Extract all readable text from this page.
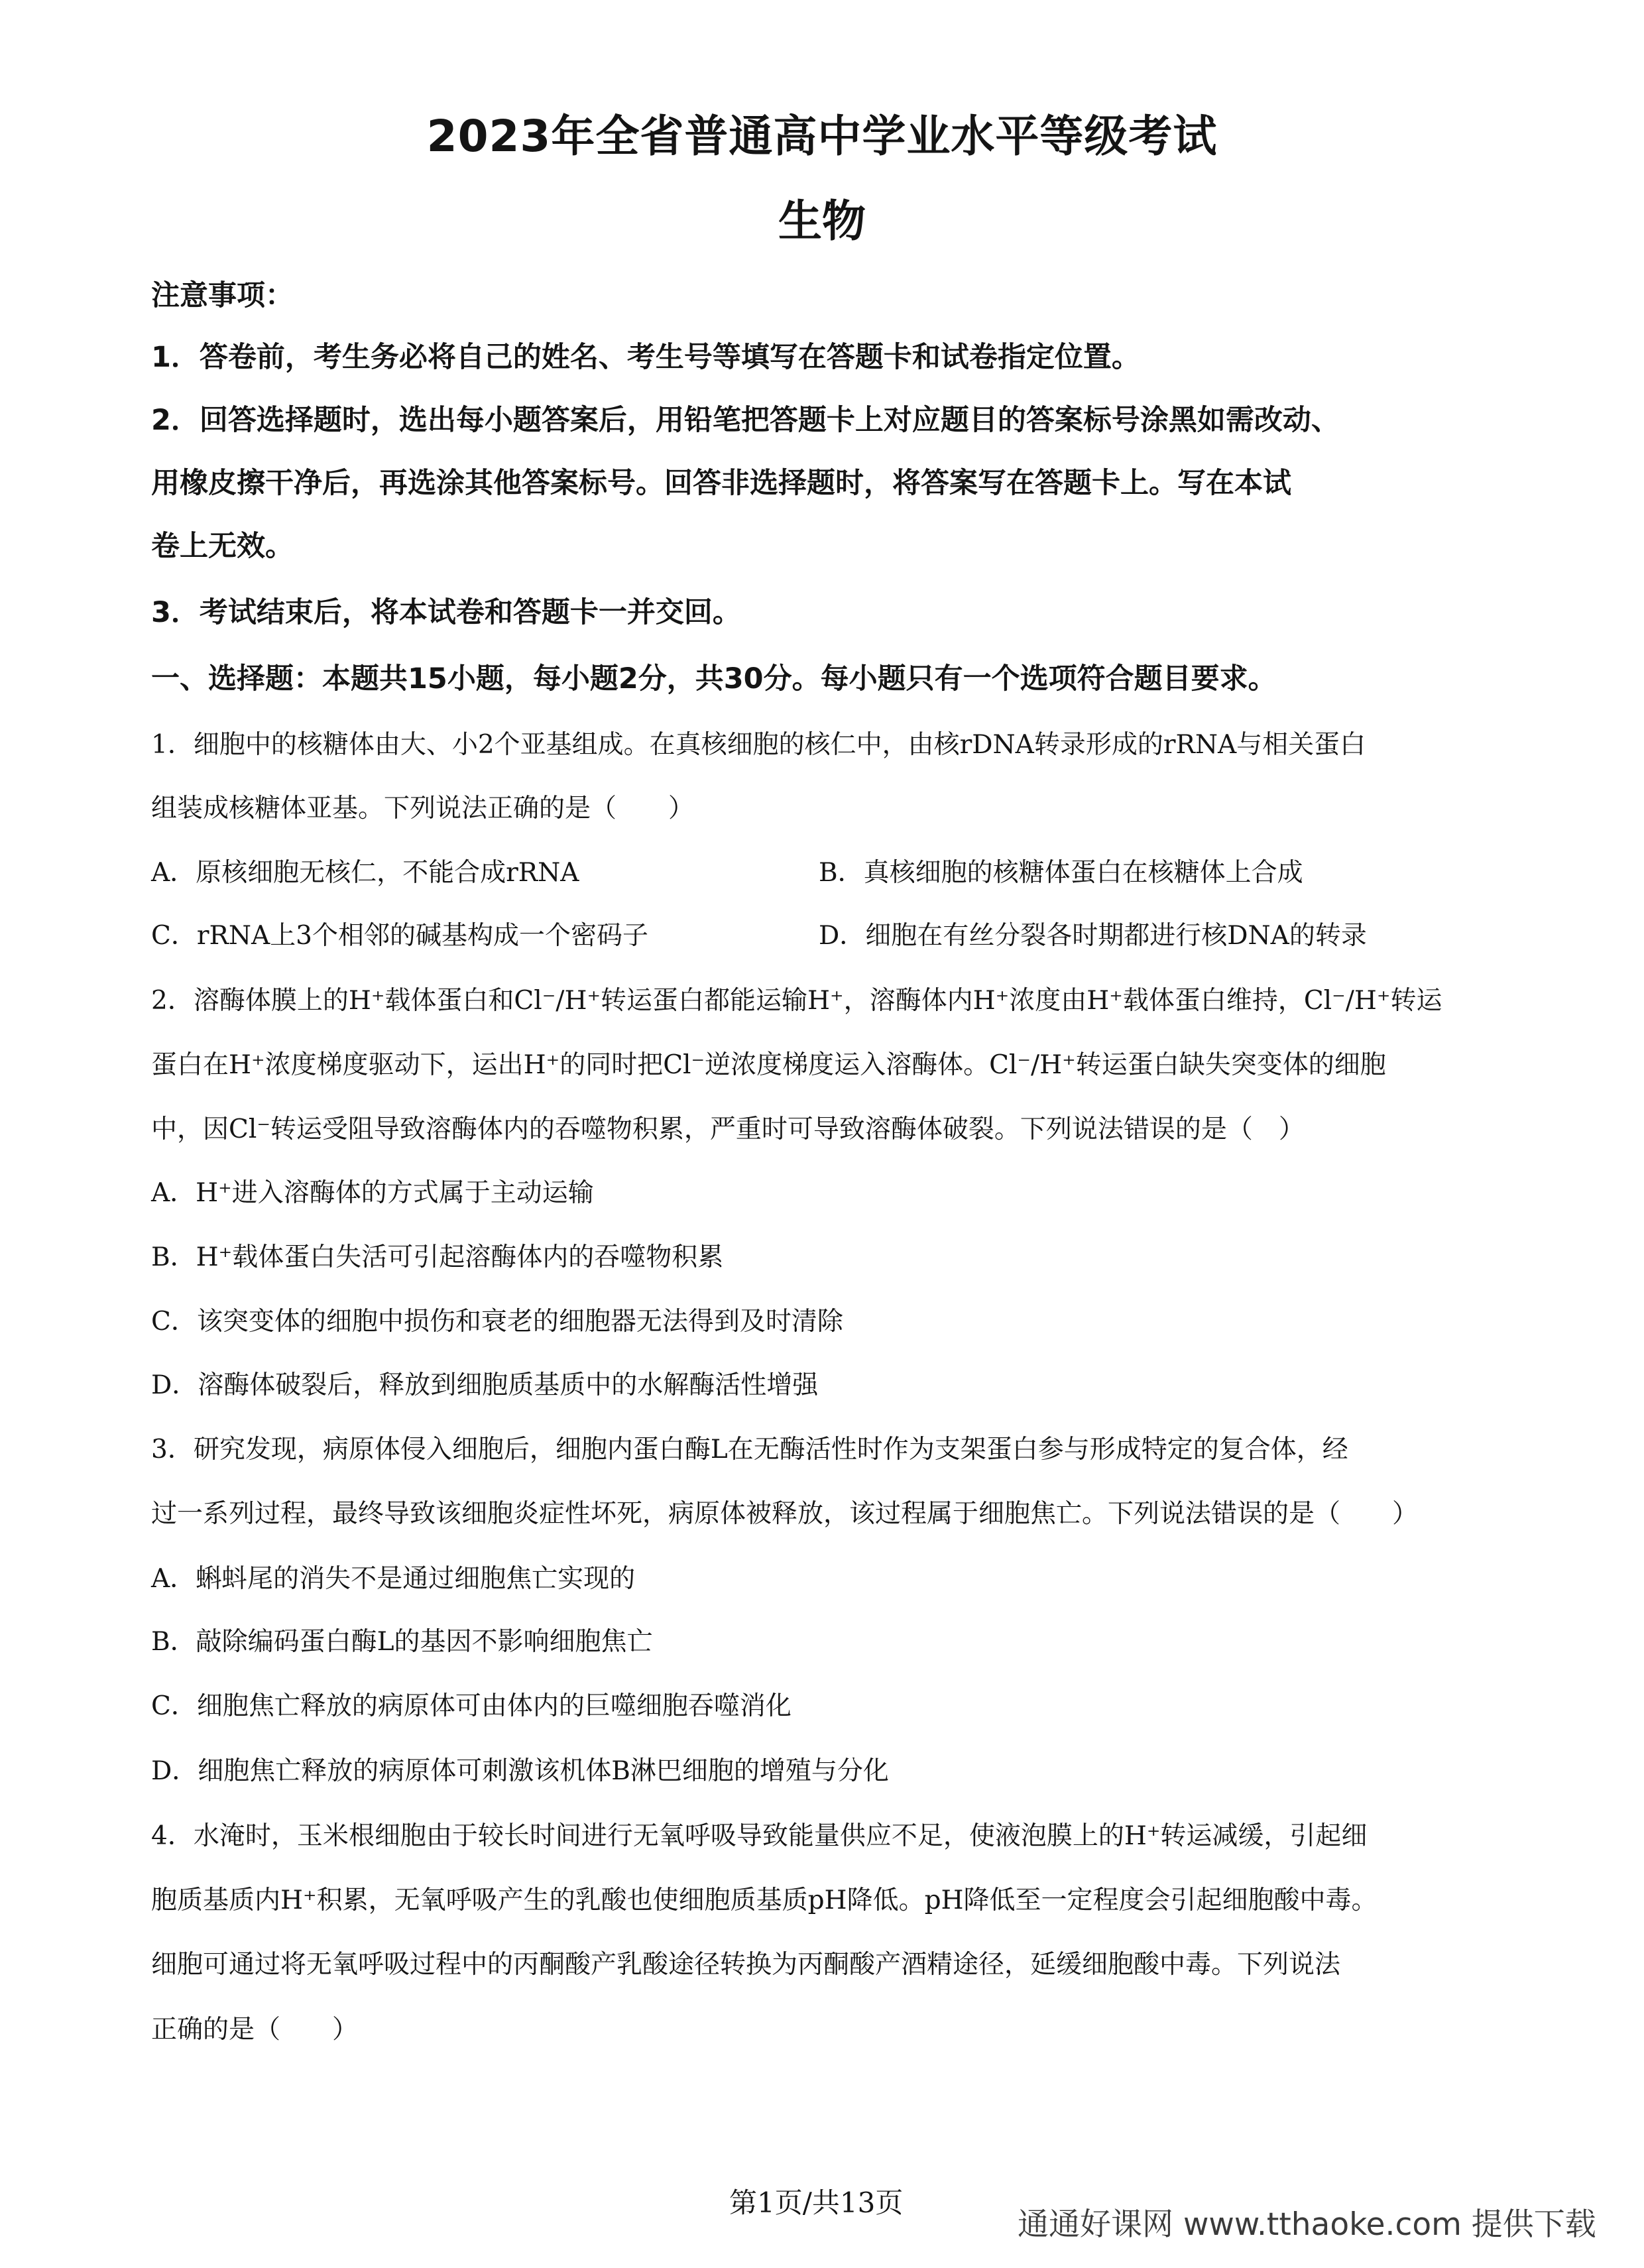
2023年全省普通高中学业水平等级考试
生物
注意事项：
1．答卷前，考生务必将自己的姓名、考生号等填写在答题卡和试卷指定位置。
2．回答选择题时，选出每小题答案后，用铅笔把答题卡上对应题目的答案标号涂黑如需改动、
用橡皮擦干净后，再选涂其他答案标号。回答非选择题时，将答案写在答题卡上。写在本试
卷上无效。
3．考试结束后，将本试卷和答题卡一并交回。
一、选择题：本题共15小题，每小题2分，共30分。每小题只有一个选项符合题目要求。
1．细胞中的核糖体由大、小2个亚基组成。在真核细胞的核仁中，由核rDNA转录形成的rRNA与相关蛋白
组装成核糖体亚基。下列说法正确的是（　　）
A．原核细胞无核仁，不能合成rRNA	B．真核细胞的核糖体蛋白在核糖体上合成
C．rRNA上3个相邻的碱基构成一个密码子	D．细胞在有丝分裂各时期都进行核DNA的转录
2．溶酶体膜上的H⁺载体蛋白和Cl⁻/H⁺转运蛋白都能运输H⁺，溶酶体内H⁺浓度由H⁺载体蛋白维持，Cl⁻/H⁺转运
蛋白在H⁺浓度梯度驱动下，运出H⁺的同时把Cl⁻逆浓度梯度运入溶酶体。Cl⁻/H⁺转运蛋白缺失突变体的细胞
中，因Cl⁻转运受阻导致溶酶体内的吞噬物积累，严重时可导致溶酶体破裂。下列说法错误的是（　）
A．H⁺进入溶酶体的方式属于主动运输
B．H⁺载体蛋白失活可引起溶酶体内的吞噬物积累
C．该突变体的细胞中损伤和衰老的细胞器无法得到及时清除
D．溶酶体破裂后，释放到细胞质基质中的水解酶活性增强
3．研究发现，病原体侵入细胞后，细胞内蛋白酶L在无酶活性时作为支架蛋白参与形成特定的复合体，经
过一系列过程，最终导致该细胞炎症性坏死，病原体被释放，该过程属于细胞焦亡。下列说法错误的是（　　）
A．蝌蚪尾的消失不是通过细胞焦亡实现的
B．敲除编码蛋白酶L的基因不影响细胞焦亡
C．细胞焦亡释放的病原体可由体内的巨噬细胞吞噬消化
D．细胞焦亡释放的病原体可刺激该机体B淋巴细胞的增殖与分化
4．水淹时，玉米根细胞由于较长时间进行无氧呼吸导致能量供应不足，使液泡膜上的H⁺转运减缓，引起细
胞质基质内H⁺积累，无氧呼吸产生的乳酸也使细胞质基质pH降低。pH降低至一定程度会引起细胞酸中毒。
细胞可通过将无氧呼吸过程中的丙酮酸产乳酸途径转换为丙酮酸产酒精途径，延缓细胞酸中毒。下列说法
正确的是（　　）
第1页/共13页
通通好课网 www.tthaoke.com 提供下载
